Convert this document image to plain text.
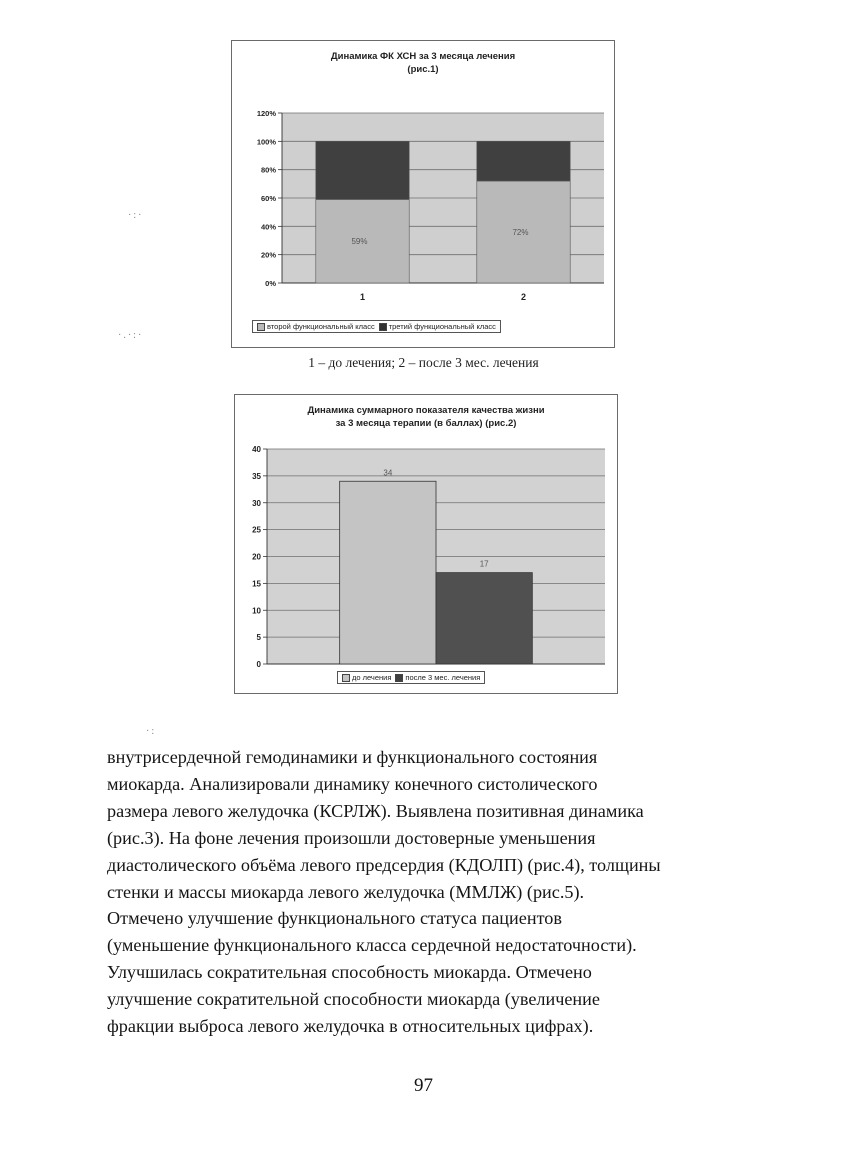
Динамика ФК ХСН за 3 месяца лечения
(рис.1)
0%
20%
40%
60%
80%
100%
120%
59%
1
72%
2
второй функциональный класс	третий функциональный класс
1 – до лечения; 2 – после 3 мес. лечения
Динамика суммарного показателя качества жизни
за 3 месяца терапии (в баллах) (рис.2)
0
5
10
15
20
25
30
35
40
34
17
до лечения	после 3 мес. лечения
·:·
·.·:·
·:
внутрисердечной гемодинамики и функционального состояния
миокарда. Анализировали динамику конечного систолического
размера левого желудочка (КСРЛЖ). Выявлена позитивная динамика
(рис.3). На фоне лечения произошли достоверные уменьшения
диастолического объёма левого предсердия (КДОЛП) (рис.4), толщины
стенки и массы миокарда левого желудочка (ММЛЖ) (рис.5).
Отмечено улучшение функционального статуса пациентов
(уменьшение функционального класса сердечной недостаточности).
Улучшилась сократительная способность миокарда. Отмечено
улучшение сократительной способности миокарда (увеличение
фракции выброса левого желудочка в относительных цифрах).
97
